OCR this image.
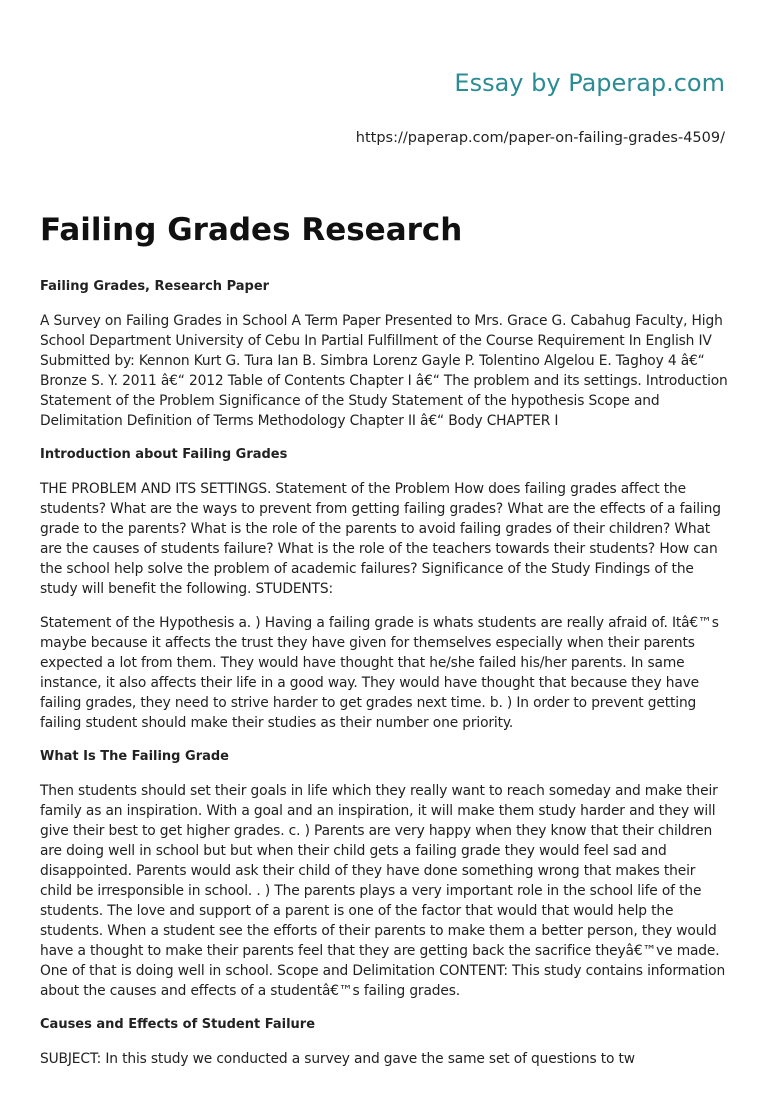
Essay by Paperap.com
https://paperap.com/paper-on-failing-grades-4509/
Failing Grades Research
Failing Grades, Research Paper

A Survey on Failing Grades in School A Term Paper Presented to Mrs. Grace G. Cabahug Faculty, High School Department University of Cebu In Partial Fulfillment of the Course Requirement In English IV Submitted by: Kennon Kurt G. Tura Ian B. Simbra Lorenz Gayle P. Tolentino Algelou E. Taghoy 4 â€“ Bronze S. Y. 2011 â€“ 2012 Table of Contents Chapter I â€“ The problem and its settings. Introduction Statement of the Problem Significance of the Study Statement of the hypothesis Scope and Delimitation Definition of Terms Methodology Chapter II â€“ Body CHAPTER I

Introduction about Failing Grades

THE PROBLEM AND ITS SETTINGS. Statement of the Problem How does failing grades affect the students? What are the ways to prevent from getting failing grades? What are the effects of a failing grade to the parents? What is the role of the parents to avoid failing grades of their children? What are the causes of students failure? What is the role of the teachers towards their students? How can the school help solve the problem of academic failures? Significance of the Study Findings of the study will benefit the following. STUDENTS:

Statement of the Hypothesis a. ) Having a failing grade is whats students are really afraid of. Itâ€™s maybe because it affects the trust they have given for themselves especially when their parents expected a lot from them. They would have thought that he/she failed his/her parents. In same instance, it also affects their life in a good way. They would have thought that because they have failing grades, they need to strive harder to get grades next time. b. ) In order to prevent getting failing student should make their studies as their number one priority.

What Is The Failing Grade

Then students should set their goals in life which they really want to reach someday and make their family as an inspiration. With a goal and an inspiration, it will make them study harder and they will give their best to get higher grades. c. ) Parents are very happy when they know that their children are doing well in school but but when their child gets a failing grade they would feel sad and disappointed. Parents would ask their child of they have done something wrong that makes their child be irresponsible in school. . ) The parents plays a very important role in the school life of the students. The love and support of a parent is one of the factor that would that would help the students. When a student see the efforts of their parents to make them a better person, they would have a thought to make their parents feel that they are getting back the sacrifice theyâ€™ve made. One of that is doing well in school. Scope and Delimitation CONTENT: This study contains information about the causes and effects of a studentâ€™s failing grades.

Causes and Effects of Student Failure

SUBJECT: In this study we conducted a survey and gave the same set of questions to tw
